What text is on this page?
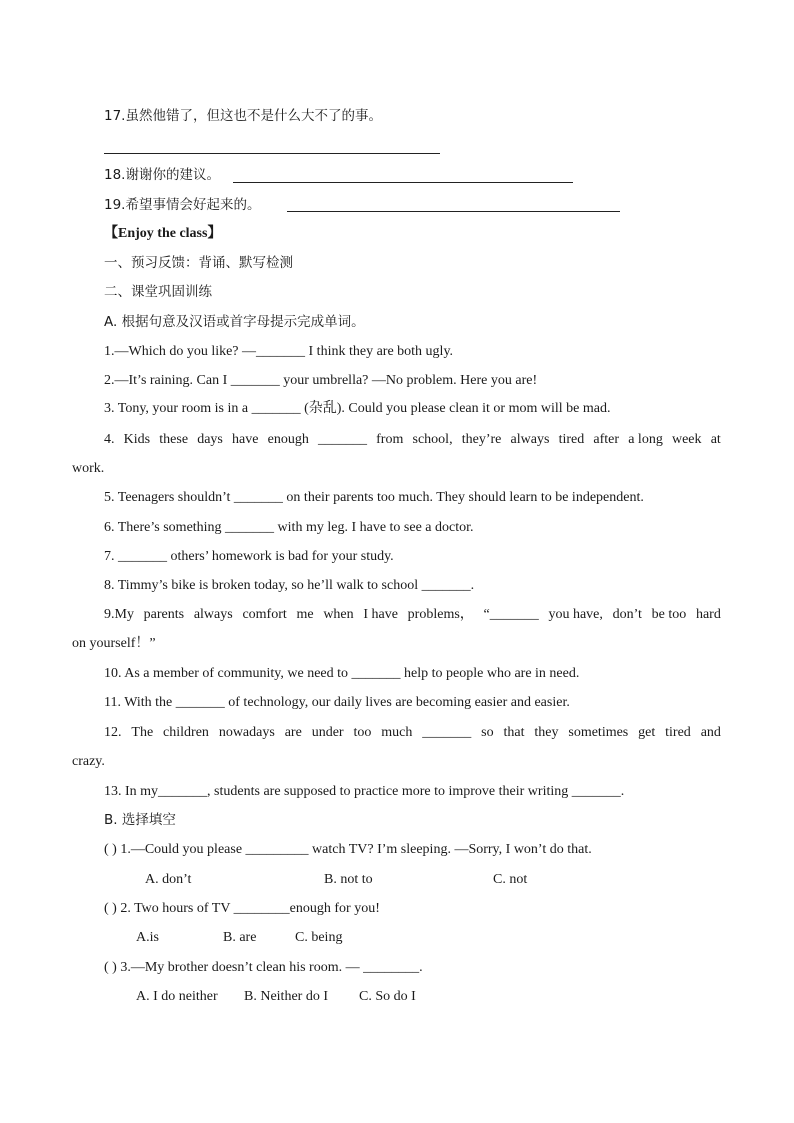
17.虽然他错了，但这也不是什么大不了的事。
18.谢谢你的建议。
19.希望事情会好起来的。
【Enjoy the class】
一、预习反馈：背诵、默写检测
二、课堂巩固训练
A. 根据句意及汉语或首字母提示完成单词。
1.—Which do you like? —_______ I think they are both ugly.
2.—It’s raining. Can I _______ your umbrella? —No problem. Here you are!
3. Tony, your room is in a _______ (杂乱). Could you please clean it or mom will be mad.
4. Kids these days have enough _______ from school, they’re always tired after a long week at
work.
5. Teenagers shouldn’t _______ on their parents too much. They should learn to be independent.
6. There’s something _______ with my leg. I have to see a doctor.
7. _______ others’ homework is bad for your study.
8. Timmy’s bike is broken today, so he’ll walk to school _______.
9.My parents always comfort me when I have problems， “_______ you have, don’t be too hard
on yourself！”
10. As a member of community, we need to _______ help to people who are in need.
11. With the _______ of technology, our daily lives are becoming easier and easier.
12. The children nowadays are under too much _______ so that they sometimes get tired and
crazy.
13. In my_______, students are supposed to practice more to improve their writing _______.
B. 选择填空
( ) 1.—Could you please _________ watch TV? I’m sleeping. —Sorry, I won’t do that.
A. don’t	B. not to	C. not
( ) 2. Two hours of TV ________enough for you!
A.is	B. are	C. being
( ) 3.—My brother doesn’t clean his room. — ________.
A. I do neither B. Neither do I C. So do I
